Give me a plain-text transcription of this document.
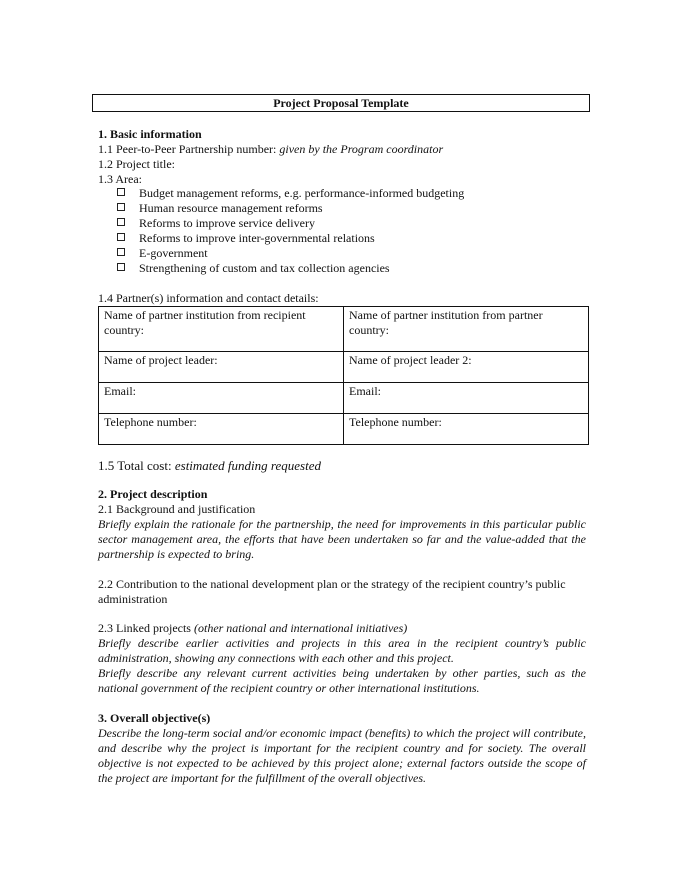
Project Proposal Template
1. Basic information
1.1 Peer-to-Peer Partnership number: given by the Program coordinator
1.2 Project title:
1.3 Area:
Budget management reforms, e.g. performance-informed budgeting
Human resource management reforms
Reforms to improve service delivery
Reforms to improve inter-governmental relations
E-government
Strengthening of custom and tax collection agencies
1.4 Partner(s) information and contact details:
Name of partner institution from recipient country:	Name of partner institution from partner country:
Name of project leader:	Name of project leader 2:
Email:	Email:
Telephone number:	Telephone number:
1.5 Total cost: estimated funding requested
2. Project description
2.1 Background and justification
Briefly explain the rationale for the partnership, the need for improvements in this particular public sector management area, the efforts that have been undertaken so far and the value-added that the partnership is expected to bring.
2.2 Contribution to the national development plan or the strategy of the recipient country’s public administration
2.3 Linked projects (other national and international initiatives)
Briefly describe earlier activities and projects in this area in the recipient country’s public administration, showing any connections with each other and this project.
Briefly describe any relevant current activities being undertaken by other parties, such as the national government of the recipient country or other international institutions.
3. Overall objective(s)
Describe the long-term social and/or economic impact (benefits) to which the project will contribute, and describe why the project is important for the recipient country and for society. The overall objective is not expected to be achieved by this project alone; external factors outside the scope of the project are important for the fulfillment of the overall objectives.
